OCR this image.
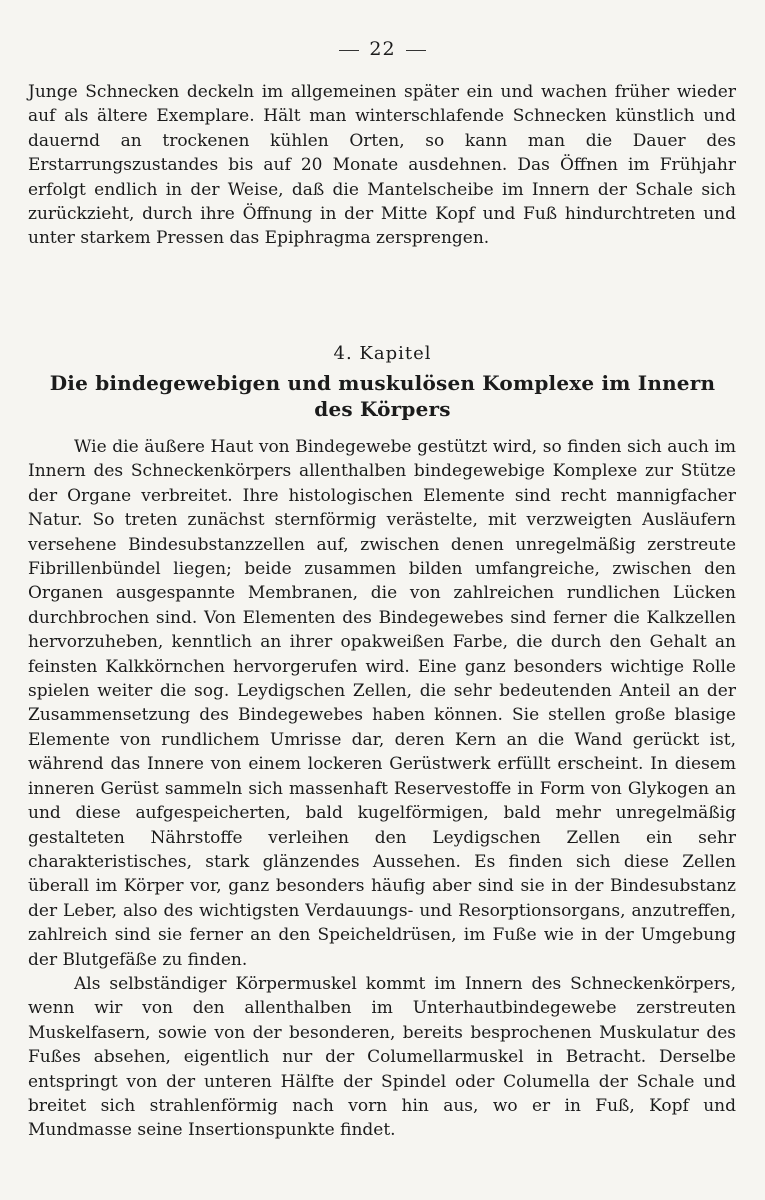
22

Junge Schnecken deckeln im allgemeinen später ein und wachen früher wieder auf als ältere Exemplare. Hält man winterschlafende Schnecken künstlich und dauernd an trockenen kühlen Orten, so kann man die Dauer des Erstarrungszustandes bis auf 20 Monate ausdehnen. Das Öffnen im Frühjahr erfolgt endlich in der Weise, daß die Mantelscheibe im Innern der Schale sich zurückzieht, durch ihre Öffnung in der Mitte Kopf und Fuß hindurchtreten und unter starkem Pressen das Epiphragma zersprengen.

4. Kapitel
Die bindegewebigen und muskulösen Komplexe im Innern des Körpers

Wie die äußere Haut von Bindegewebe gestützt wird, so finden sich auch im Innern des Schneckenkörpers allenthalben bindegewebige Komplexe zur Stütze der Organe verbreitet. Ihre histologischen Elemente sind recht mannigfacher Natur. So treten zunächst sternförmig verästelte, mit verzweigten Ausläufern versehene Bindesubstanzzellen auf, zwischen denen unregelmäßig zerstreute Fibrillenbündel liegen; beide zusammen bilden umfangreiche, zwischen den Organen ausgespannte Membranen, die von zahlreichen rundlichen Lücken durchbrochen sind. Von Elementen des Bindegewebes sind ferner die Kalkzellen hervorzuheben, kenntlich an ihrer opakweißen Farbe, die durch den Gehalt an feinsten Kalkkörnchen hervorgerufen wird. Eine ganz besonders wichtige Rolle spielen weiter die sog. Leydigschen Zellen, die sehr bedeutenden Anteil an der Zusammensetzung des Bindegewebes haben können. Sie stellen große blasige Elemente von rundlichem Umrisse dar, deren Kern an die Wand gerückt ist, während das Innere von einem lockeren Gerüstwerk erfüllt erscheint. In diesem inneren Gerüst sammeln sich massenhaft Reservestoffe in Form von Glykogen an und diese aufgespeicherten, bald kugelförmigen, bald mehr unregelmäßig gestalteten Nährstoffe verleihen den Leydigschen Zellen ein sehr charakteristisches, stark glänzendes Aussehen. Es finden sich diese Zellen überall im Körper vor, ganz besonders häufig aber sind sie in der Bindesubstanz der Leber, also des wichtigsten Verdauungs- und Resorptionsorgans, anzutreffen, zahlreich sind sie ferner an den Speicheldrüsen, im Fuße wie in der Umgebung der Blutgefäße zu finden.

Als selbständiger Körpermuskel kommt im Innern des Schneckenkörpers, wenn wir von den allenthalben im Unterhautbindegewebe zerstreuten Muskelfasern, sowie von der besonderen, bereits besprochenen Muskulatur des Fußes absehen, eigentlich nur der Columellarmuskel in Betracht. Derselbe entspringt von der unteren Hälfte der Spindel oder Columella der Schale und breitet sich strahlenförmig nach vorn hin aus, wo er in Fuß, Kopf und Mundmasse seine Insertionspunkte findet.
